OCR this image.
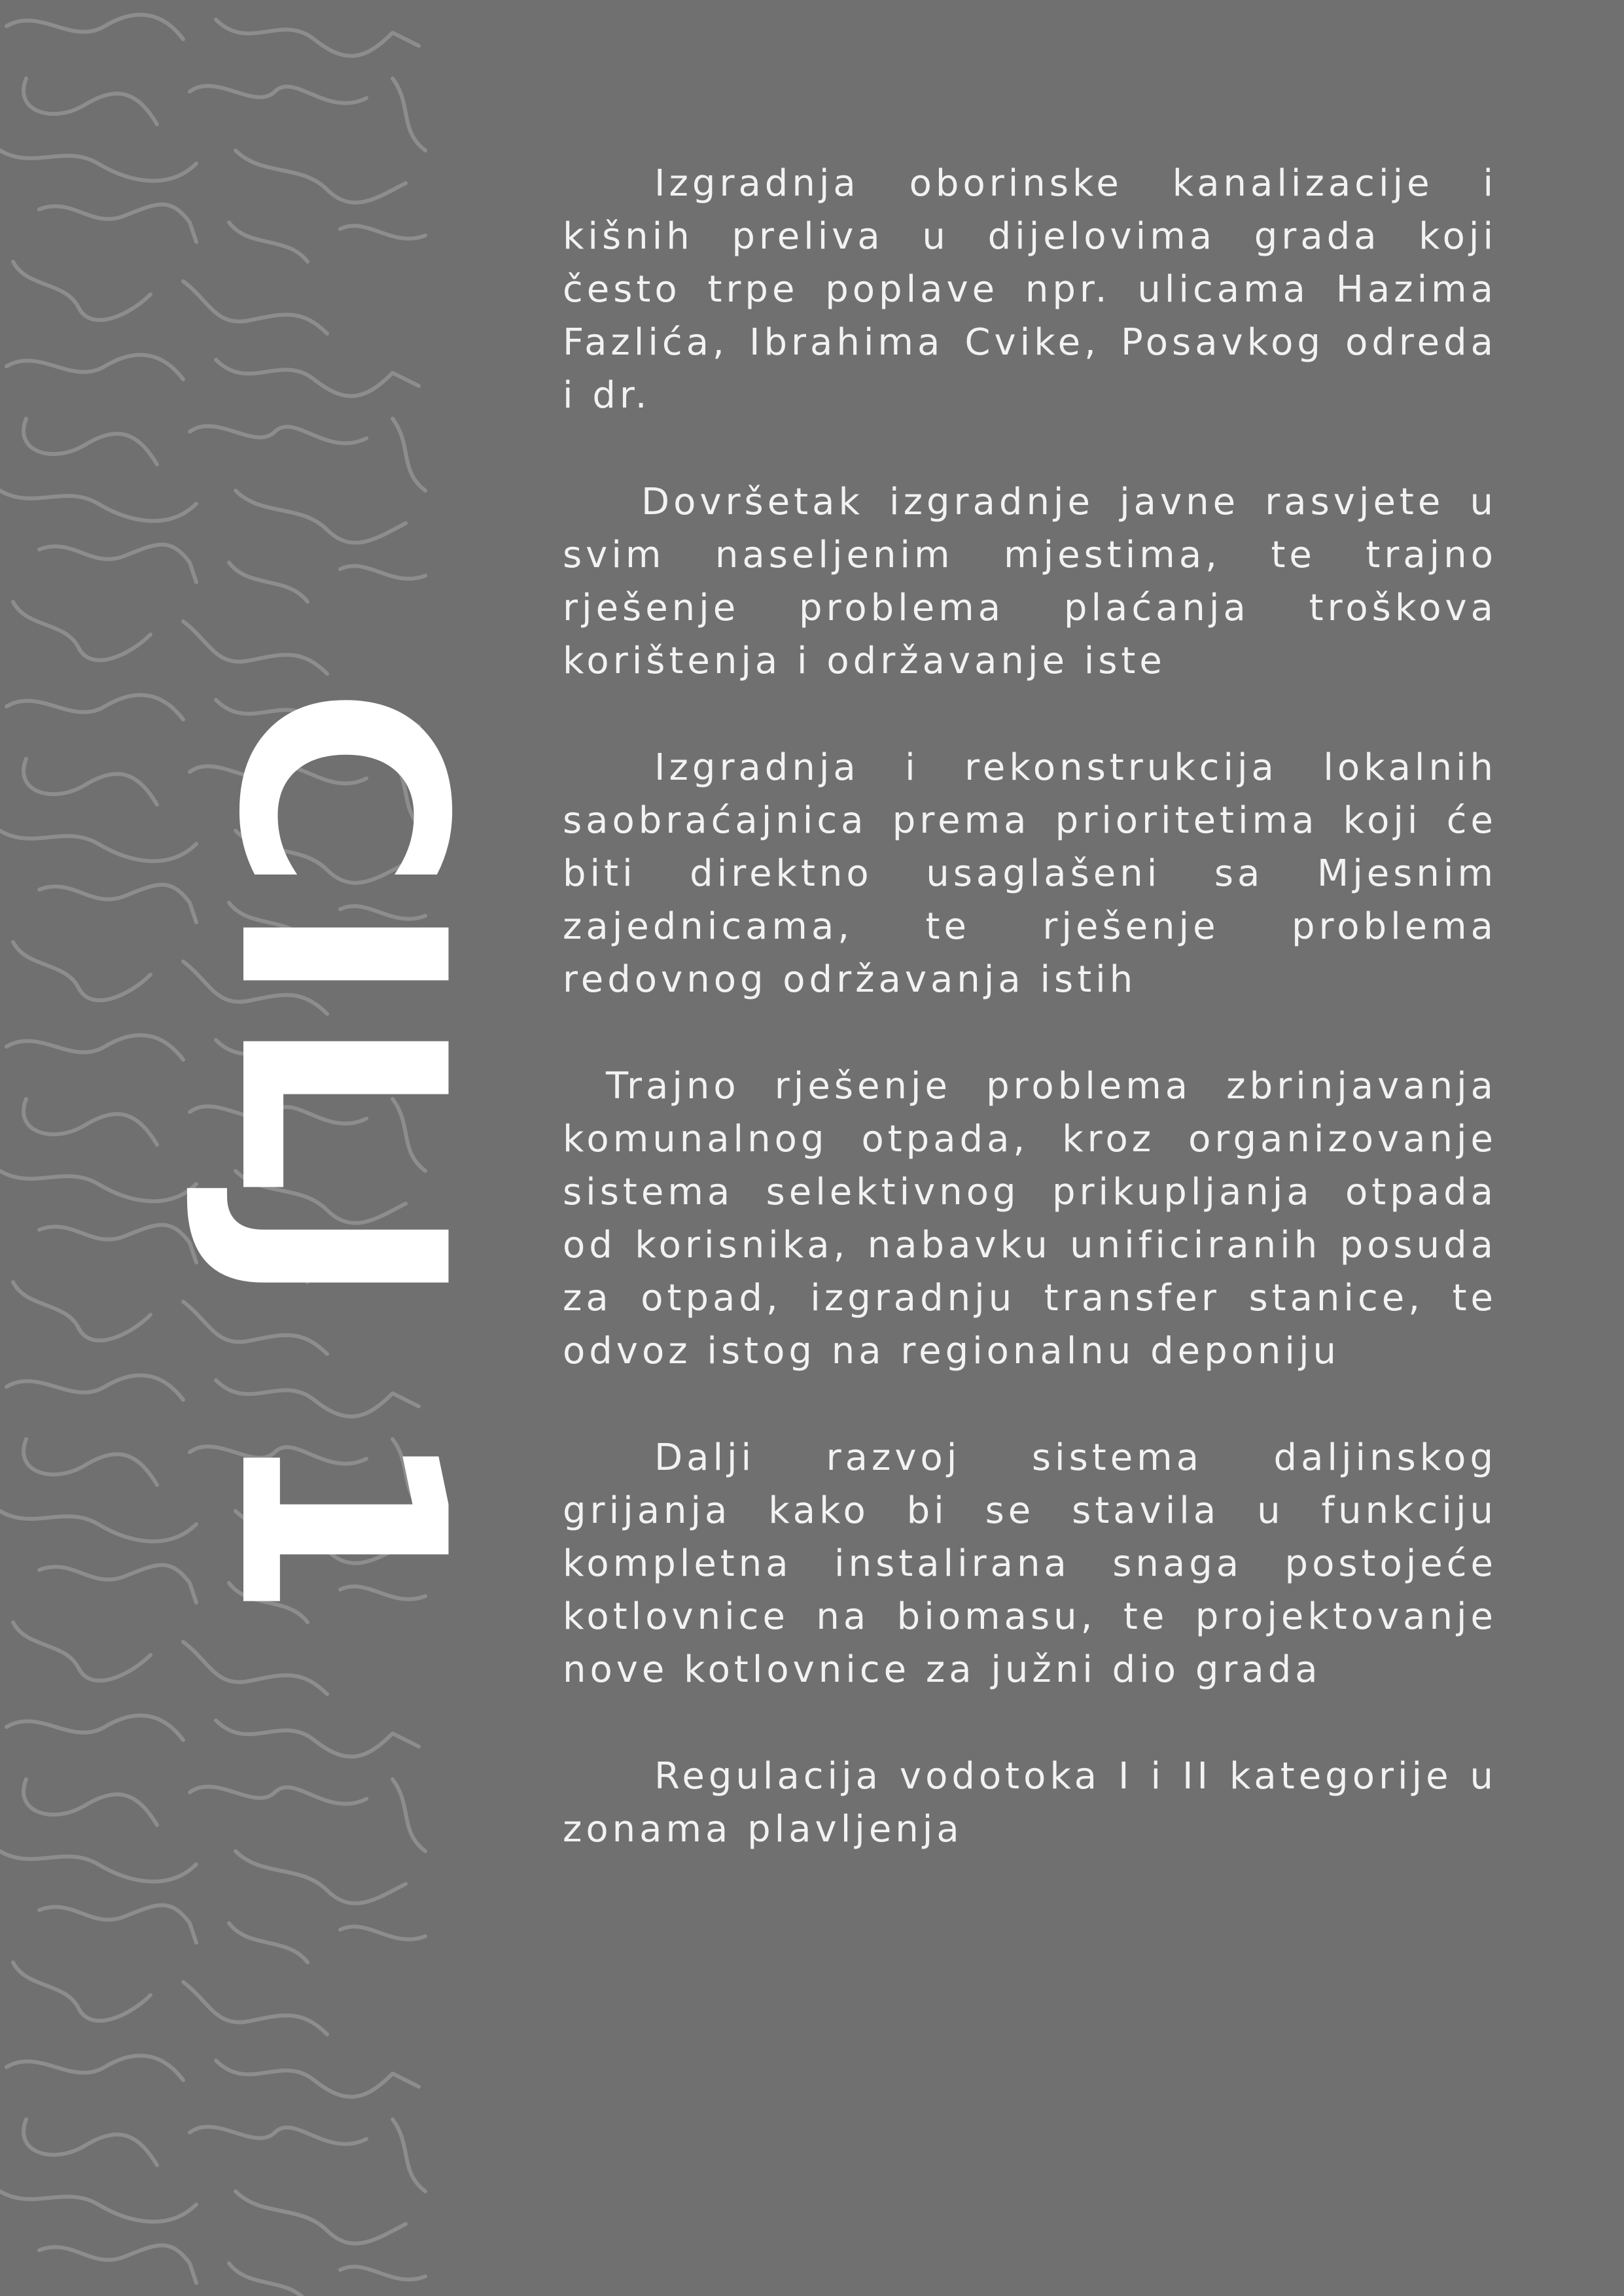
CILJ 1

Izgradnja oborinske kanalizacije i kišnih preliva u dijelovima grada koji često trpe poplave npr. ulicama Hazima Fazlića, Ibrahima Cvike, Posavkog odreda i dr.

Dovršetak izgradnje javne rasvjete u svim naseljenim mjestima, te trajno rješenje problema plaćanja troškova korištenja i održavanje iste

Izgradnja i rekonstrukcija lokalnih saobraćajnica prema prioritetima koji će biti direktno usaglašeni sa Mjesnim zajednicama, te rješenje problema redovnog održavanja istih

Trajno rješenje problema zbrinjavanja komunalnog otpada, kroz organizovanje sistema selektivnog prikupljanja otpada od korisnika, nabavku unificiranih posuda za otpad, izgradnju transfer stanice, te odvoz istog na regionalnu deponiju

Dalji razvoj sistema daljinskog grijanja kako bi se stavila u funkciju kompletna instalirana snaga postojeće kotlovnice na biomasu, te projektovanje nove kotlovnice za južni dio grada

Regulacija vodotoka I i II kategorije u zonama plavljenja
